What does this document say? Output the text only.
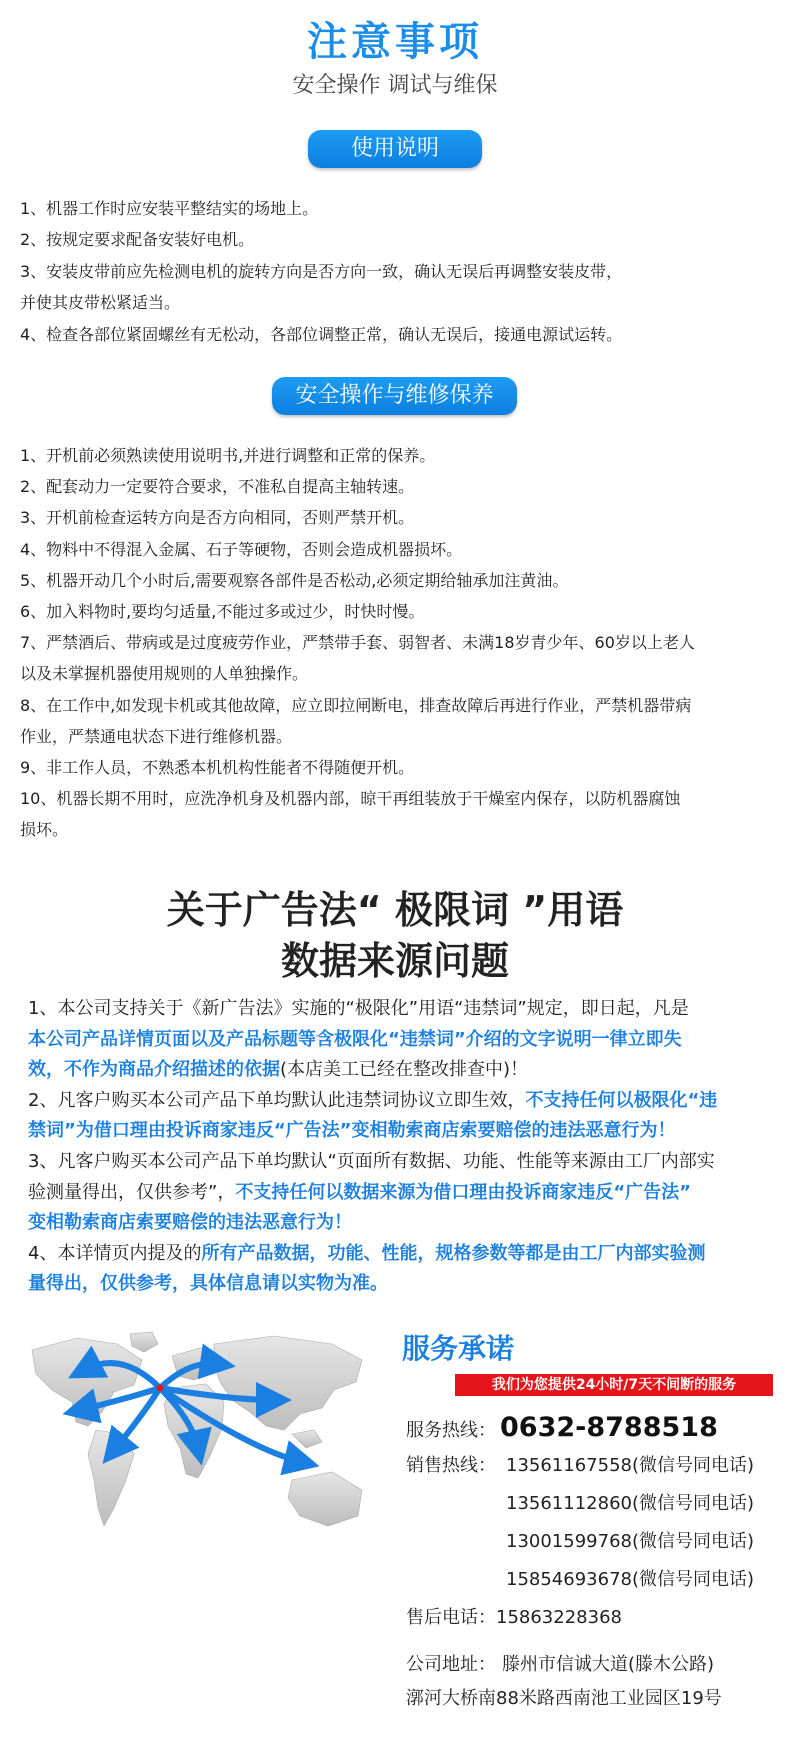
注意事项
安全操作 调试与维保
使用说明
1、机器工作时应安装平整结实的场地上。
2、按规定要求配备安装好电机。
3、安装皮带前应先检测电机的旋转方向是否方向一致，确认无误后再调整安装皮带，
并使其皮带松紧适当。
4、检查各部位紧固螺丝有无松动，各部位调整正常，确认无误后，接通电源试运转。
安全操作与维修保养
1、开机前必须熟读使用说明书,并进行调整和正常的保养。
2、配套动力一定要符合要求，不准私自提高主轴转速。
3、开机前检查运转方向是否方向相同，否则严禁开机。
4、物料中不得混入金属、石子等硬物，否则会造成机器损坏。
5、机器开动几个小时后,需要观察各部件是否松动,必须定期给轴承加注黄油。
6、加入料物时,要均匀适量,不能过多或过少，时快时慢。
7、严禁酒后、带病或是过度疲劳作业，严禁带手套、弱智者、未满18岁青少年、60岁以上老人
以及未掌握机器使用规则的人单独操作。
8、在工作中,如发现卡机或其他故障，应立即拉闸断电，排查故障后再进行作业，严禁机器带病
作业，严禁通电状态下进行维修机器。
9、非工作人员，不熟悉本机机构性能者不得随便开机。
10、机器长期不用时，应洗净机身及机器内部，晾干再组装放于干燥室内保存，以防机器腐蚀
损坏。
关于广告法“ 极限词 ”用语
数据来源问题
1、本公司支持关于《新广告法》实施的“极限化”用语“违禁词”规定，即日起，凡是
本公司产品详情页面以及产品标题等含极限化“违禁词”介绍的文字说明一律立即失
效，不作为商品介绍描述的依据(本店美工已经在整改排查中)！
2、凡客户购买本公司产品下单均默认此违禁词协议立即生效，不支持任何以极限化“违
禁词”为借口理由投诉商家违反“广告法”变相勒索商店索要赔偿的违法恶意行为！
3、凡客户购买本公司产品下单均默认“页面所有数据、功能、性能等来源由工厂内部实
验测量得出，仅供参考”，不支持任何以数据来源为借口理由投诉商家违反“广告法”
变相勒索商店索要赔偿的违法恶意行为！
4、本详情页内提及的所有产品数据，功能、性能，规格参数等都是由工厂内部实验测
量得出，仅供参考，具体信息请以实物为准。
服务承诺
我们为您提供24小时/7天不间断的服务
服务热线： 0632-8788518
销售热线： 13561167558(微信号同电话)
13561112860(微信号同电话)
13001599768(微信号同电话)
15854693678(微信号同电话)
售后电话：15863228368
公司地址： 滕州市信诚大道(滕木公路)
漷河大桥南88米路西南池工业园区19号
